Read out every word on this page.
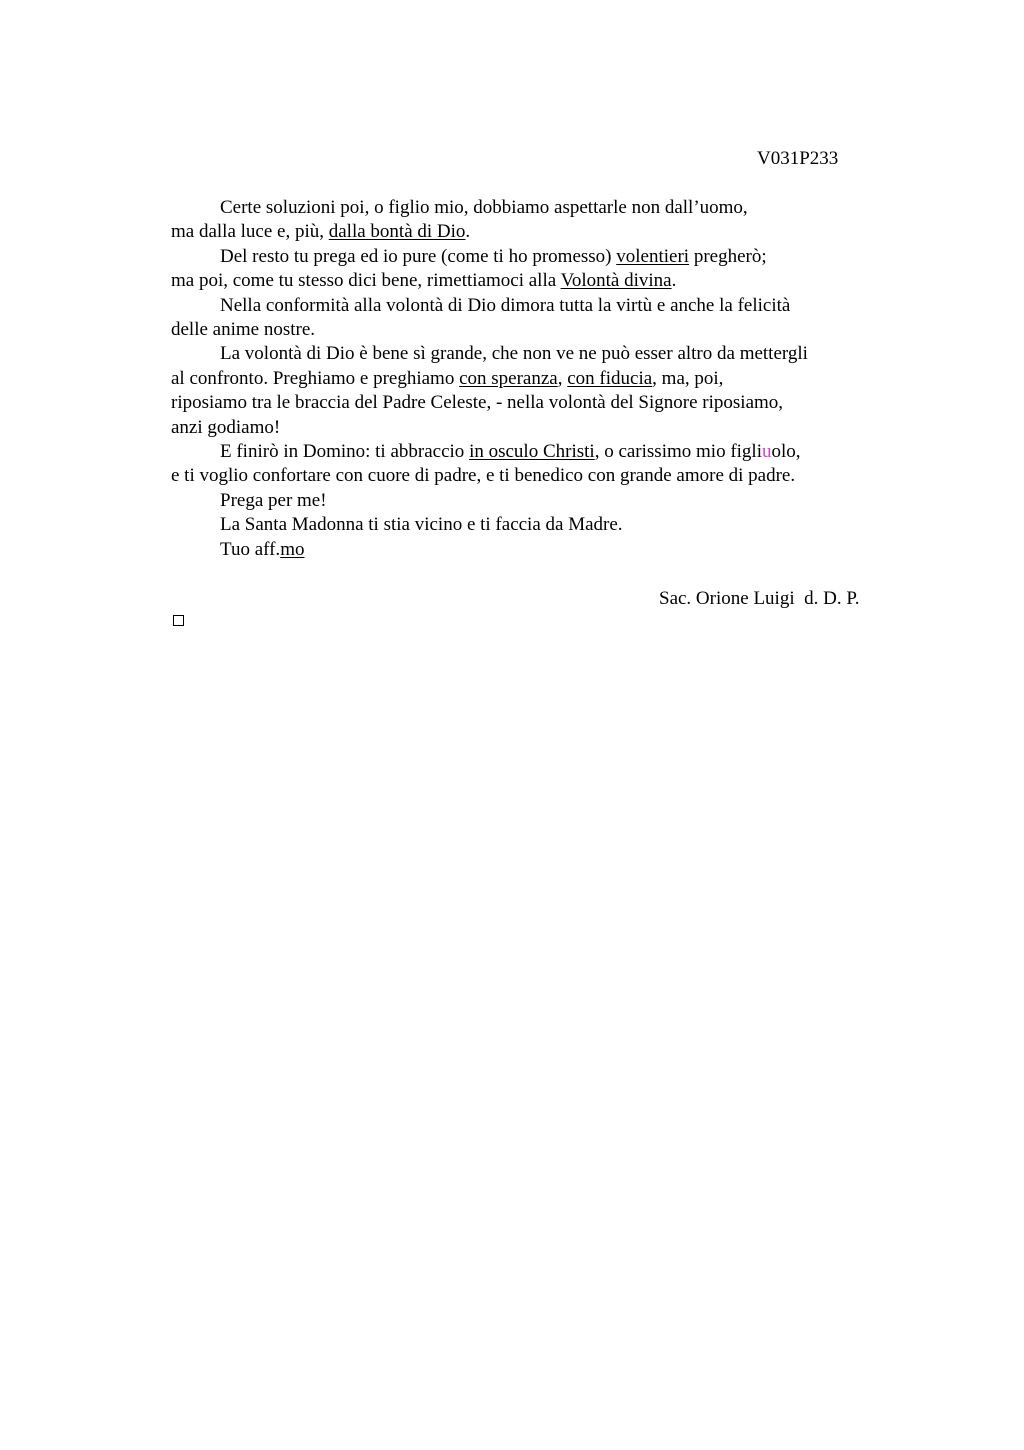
V031P233

Certe soluzioni poi, o figlio mio, dobbiamo aspettarle non dall’uomo,
ma dalla luce e, più, dalla bontà di Dio.

Del resto tu prega ed io pure (come ti ho promesso) volentieri pregherò;
ma poi, come tu stesso dici bene, rimettiamoci alla Volontà divina.

Nella conformità alla volontà di Dio dimora tutta la virtù e anche la felicità
delle anime nostre.

La volontà di Dio è bene sì grande, che non ve ne può esser altro da mettergli
al confronto. Preghiamo e preghiamo con speranza, con fiducia, ma, poi,
riposiamo tra le braccia del Padre Celeste, - nella volontà del Signore riposiamo,
anzi godiamo!

E finirò in Domino: ti abbraccio in osculo Christi, o carissimo mio figliuolo,
e ti voglio confortare con cuore di padre, e ti benedico con grande amore di padre.

Prega per me!

La Santa Madonna ti stia vicino e ti faccia da Madre.

Tuo aff.mo

Sac. Orione Luigi  d. D. P.
